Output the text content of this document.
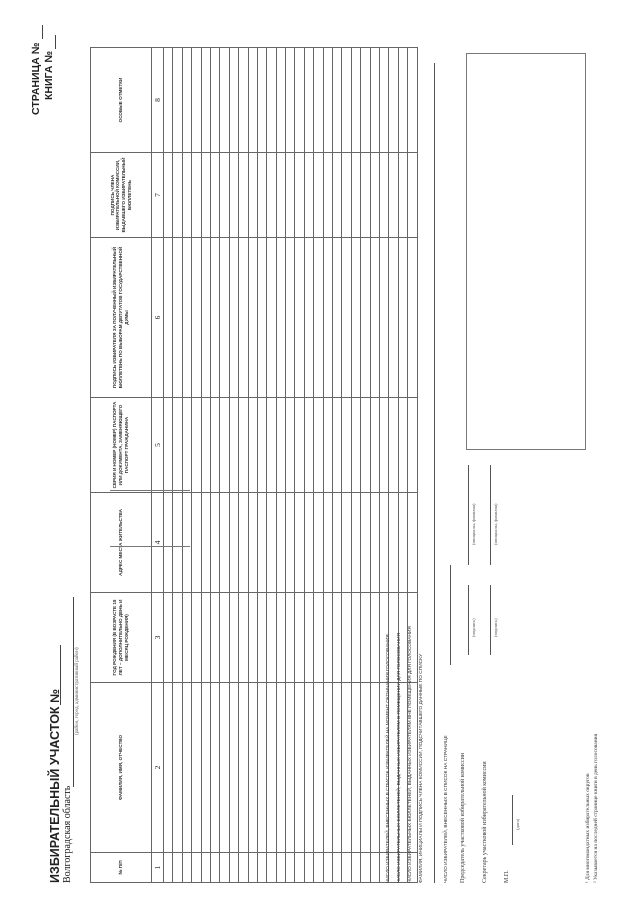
ИЗБИРАТЕЛЬНЫЙ УЧАСТОК № Волгоградская область
(район, город, административный район)
СТРАНИЦА № КНИГА №
№ П/П	ФАМИЛИЯ, ИМЯ, ОТЧЕСТВО	ГОД РОЖДЕНИЯ (В ВОЗРАСТЕ 18 ЛЕТ – ДОПОЛНИТЕЛЬНО ДЕНЬ И МЕСЯЦ РОЖДЕНИЯ)	АДРЕС МЕСТА ЖИТЕЛЬСТВА	СЕРИЯ И НОМЕР (НОМЕР) ПАСПОРТА ИЛИ ДОКУМЕНТА, ЗАМЕНЯЮЩЕГО ПАСПОРТ ГРАЖДАНИНА	ПОДПИСЬ ИЗБИРАТЕЛЯ ЗА ПОЛУЧЕННЫЙ ИЗБИРАТЕЛЬНЫЙ БЮЛЛЕТЕНЬ ПО ВЫБОРАМ ДЕПУТАТОВ ГОСУДАРСТВЕННОЙ ДУМЫ	ПОДПИСЬ ЧЛЕНА ИЗБИРАТЕЛЬНОЙ КОМИССИИ, ВЫДАВШЕГО ИЗБИРАТЕЛЬНЫЙ БЮЛЛЕТЕНЬ	ОСОБЫЕ ОТМЕТКИ
1	2	3	4	5	6	7	8

ЧИСЛО ИЗБИРАТЕЛЕЙ, ВНЕСЕННЫХ В СПИСОК ИЗБИРАТЕЛЕЙ НА МОМЕНТ ОКОНЧАНИЯ ГОЛОСОВАНИЯ ЧИСЛО ИЗБИРАТЕЛЬНЫХ БЮЛЛЕТЕНЕЙ, ВЫДАННЫХ ИЗБИРАТЕЛЯМ В ПОМЕЩЕНИИ ДЛЯ ГОЛОСОВАНИЯ ЧИСЛО ИЗБИРАТЕЛЬНЫХ БЮЛЛЕТЕНЕЙ, ВЫДАННЫХ ИЗБИРАТЕЛЯМ ВНЕ ПОМЕЩЕНИЯ ДЛЯ ГОЛОСОВАНИЯ ФАМИЛИЯ, ИНИЦИАЛЫ И ПОДПИСЬ ЧЛЕНА КОМИССИИ, ПОДСЧИТАВШЕГО ДАННЫЕ ПО СПИСКУ	ЧИСЛО ИЗБИРАТЕЛЕЙ, ВНЕСЕННЫХ В СПИСОК НА СТРАНИЦЕ Председатель участковой избирательной комиссии
(подпись)
(инициалы, фамилия)
Секретарь участковой избирательной комиссии
(подпись)
(инициалы, фамилия)
М.П.
(дата)	¹ Для многомандатных избирательных округов ² Указывается на последней странице книги в день голосования
